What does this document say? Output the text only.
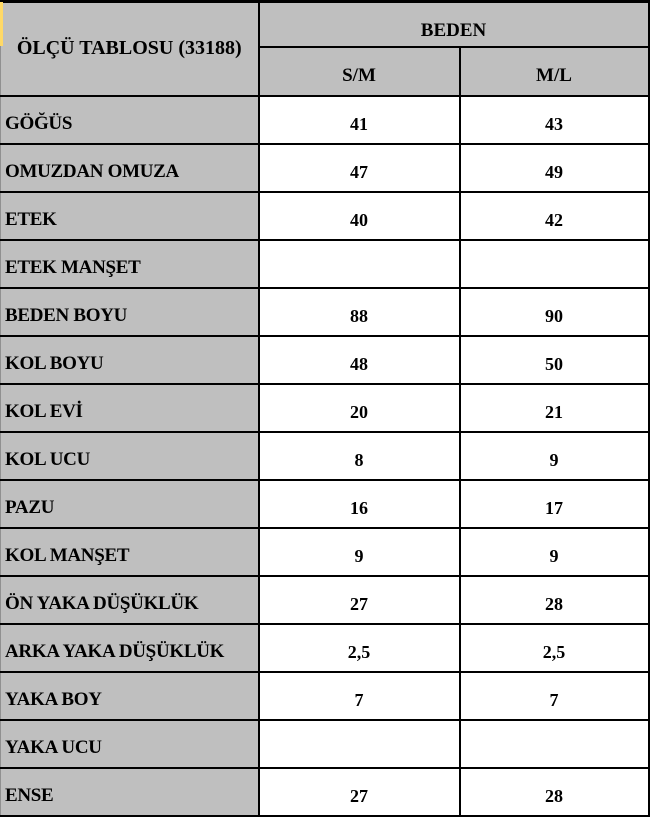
ÖLÇÜ TABLOSU (33188)	BEDEN	
	S/M	M/L
GÖĞÜS	41	43
OMUZDAN OMUZA	47	49
ETEK	40	42
ETEK MANŞET		
BEDEN BOYU	88	90
KOL BOYU	48	50
KOL EVİ	20	21
KOL UCU	8	9
PAZU	16	17
KOL MANŞET	9	9
ÖN YAKA DÜŞÜKLÜK	27	28
ARKA YAKA DÜŞÜKLÜK	2,5	2,5
YAKA BOY	7	7
YAKA UCU		
ENSE	27	28
